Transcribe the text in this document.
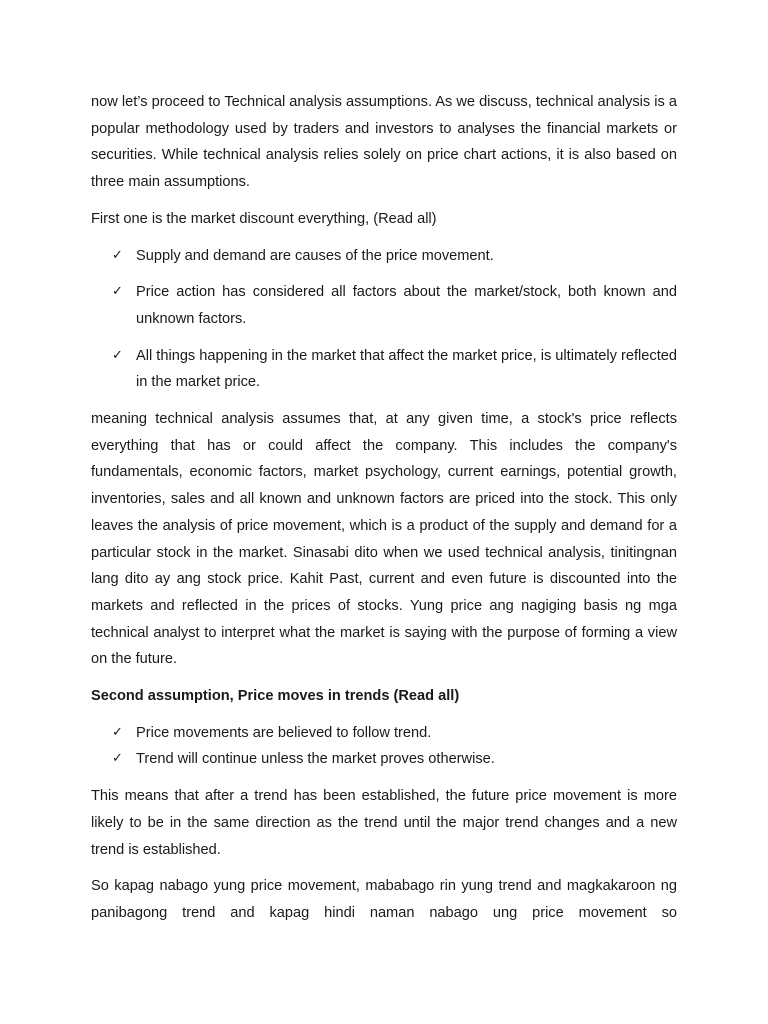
now let’s proceed to Technical analysis assumptions. As we discuss, technical analysis is a popular methodology used by traders and investors to analyses the financial markets or securities. While technical analysis relies solely on price chart actions, it is also based on three main assumptions.

First one is the market discount everything, (Read all)

✓ Supply and demand are causes of the price movement.
✓ Price action has considered all factors about the market/stock, both known and unknown factors.
✓ All things happening in the market that affect the market price, is ultimately reflected in the market price.

meaning technical analysis assumes that, at any given time, a stock's price reflects everything that has or could affect the company. This includes the company's fundamentals, economic factors, market psychology, current earnings, potential growth, inventories, sales and all known and unknown factors are priced into the stock. This only leaves the analysis of price movement, which is a product of the supply and demand for a particular stock in the market. Sinasabi dito when we used technical analysis, tinitingnan lang dito ay ang stock price. Kahit Past, current and even future is discounted into the markets and reflected in the prices of stocks. Yung price ang nagiging basis ng mga technical analyst to interpret what the market is saying with the purpose of forming a view on the future.

Second assumption, Price moves in trends (Read all)

✓ Price movements are believed to follow trend.
✓ Trend will continue unless the market proves otherwise.

This means that after a trend has been established, the future price movement is more likely to be in the same direction as the trend until the major trend changes and a new trend is established.

So kapag nabago yung price movement, mababago rin yung trend and magkakaroon ng panibagong trend and kapag hindi naman nabago ung price movement so
